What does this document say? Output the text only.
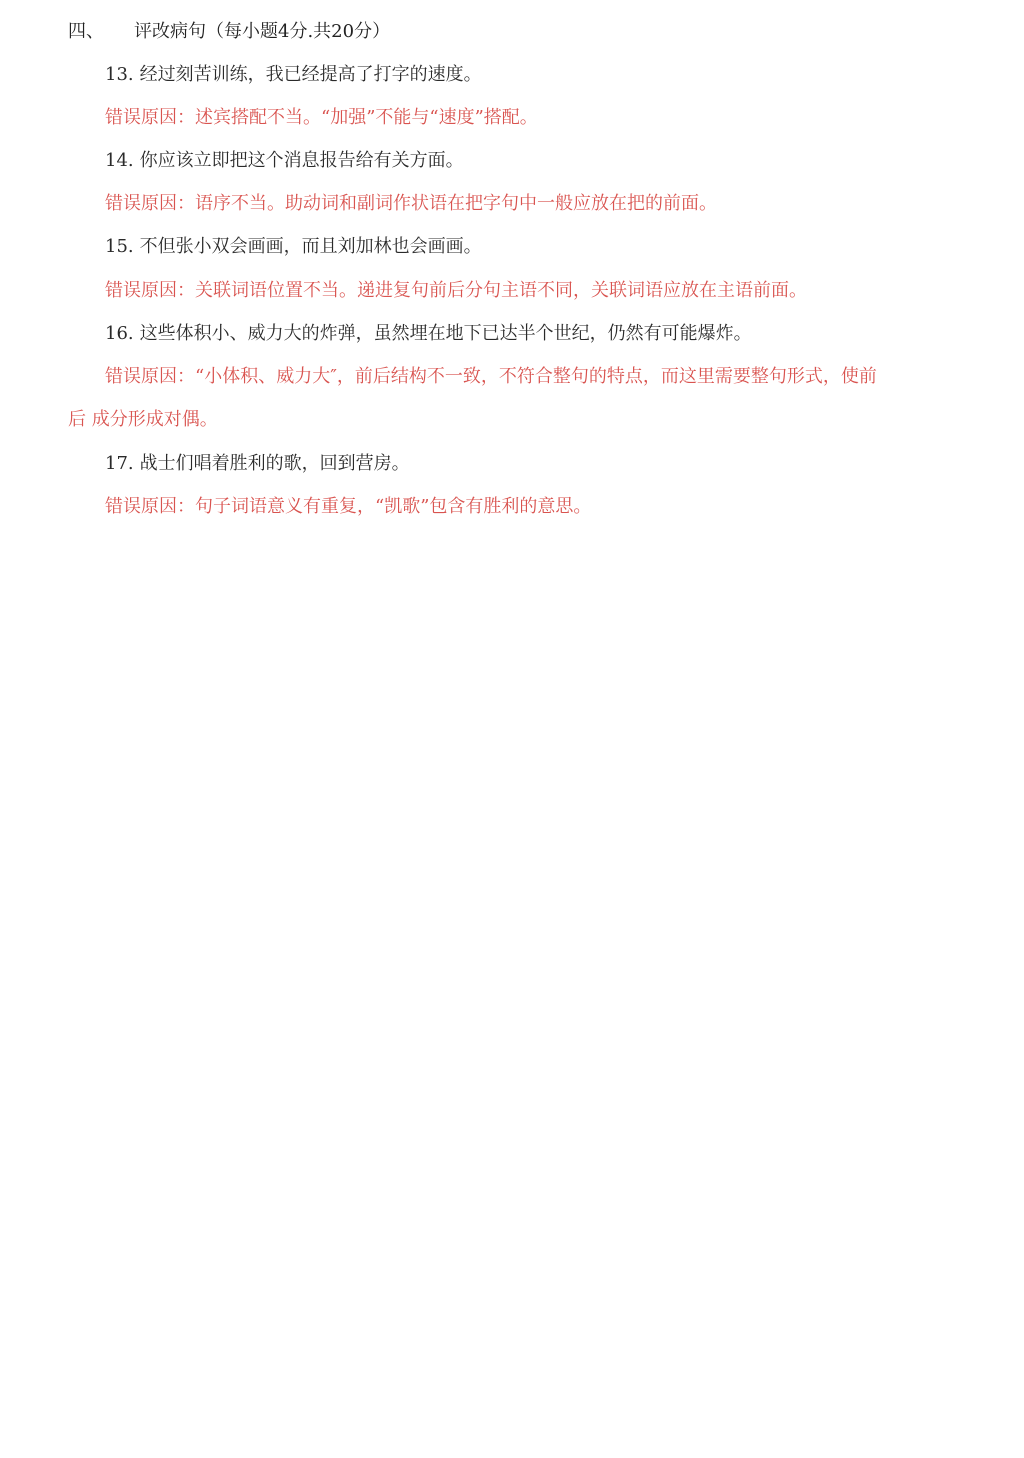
四、 评改病句（每小题4分.共20分）
13. 经过刻苦训练，我已经提高了打字的速度。
错误原因：述宾搭配不当。“加强”不能与“速度”搭配。
14. 你应该立即把这个消息报告给有关方面。
错误原因：语序不当。助动词和副词作状语在把字句中一般应放在把的前面。
15. 不但张小双会画画，而且刘加林也会画画。
错误原因：关联词语位置不当。递进复句前后分句主语不同，关联词语应放在主语前面。
16. 这些体积小、威力大的炸弹，虽然埋在地下已达半个世纪，仍然有可能爆炸。
错误原因：“小体积、威力大″，前后结构不一致，不符合整句的特点，而这里需要整句形式，使前
后 成分形成对偶。
17. 战士们唱着胜利的歌，回到营房。
错误原因：句子词语意义有重复，“凯歌”包含有胜利的意思。
